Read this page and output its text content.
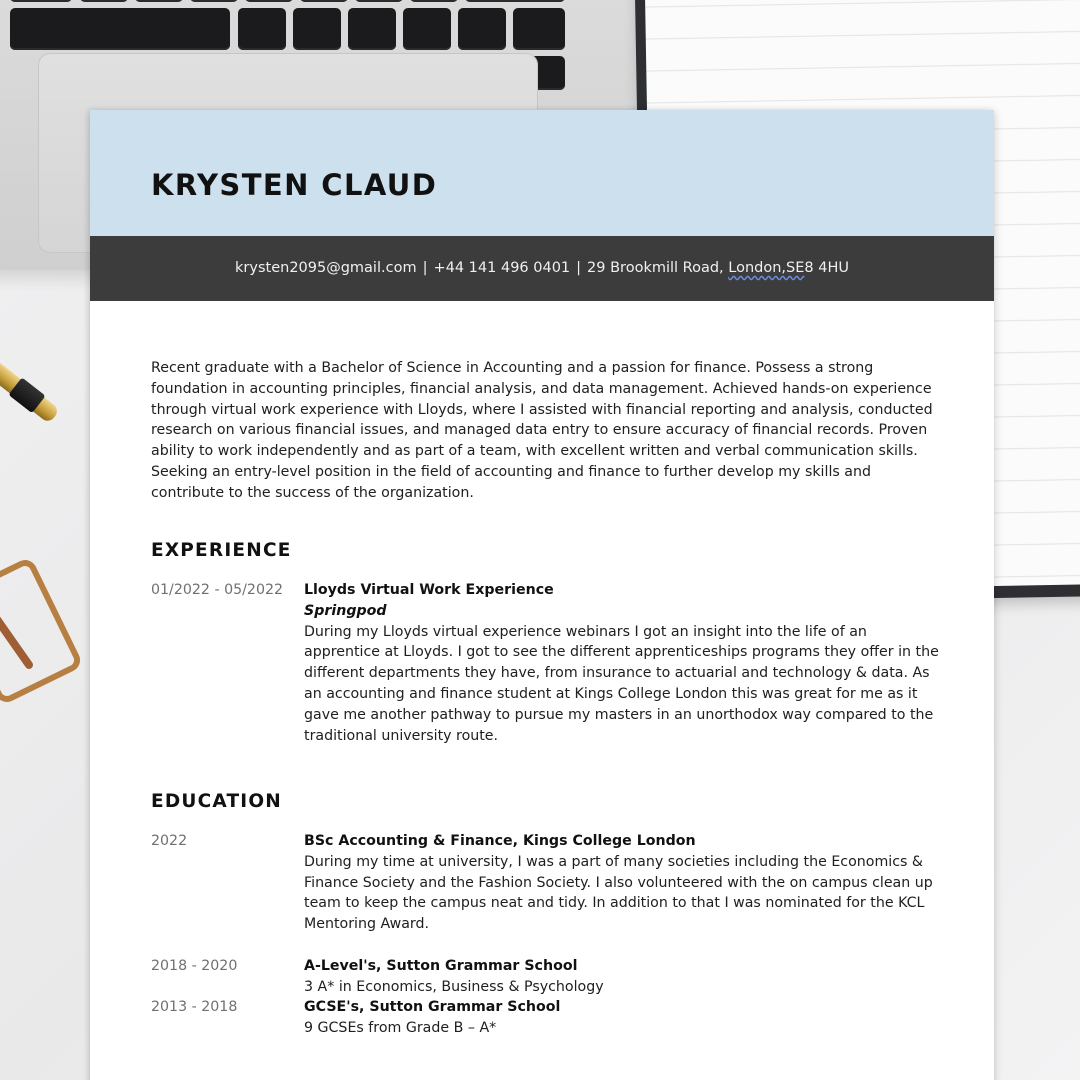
KRYSTEN CLAUD
krysten2095@gmail.com | +44 141 496 0401 | 29 Brookmill Road, London,SE8 4HU

Recent graduate with a Bachelor of Science in Accounting and a passion for finance. Possess a strong foundation in accounting principles, financial analysis, and data management. Achieved hands-on experience through virtual work experience with Lloyds, where I assisted with financial reporting and analysis, conducted research on various financial issues, and managed data entry to ensure accuracy of financial records. Proven ability to work independently and as part of a team, with excellent written and verbal communication skills. Seeking an entry-level position in the field of accounting and finance to further develop my skills and contribute to the success of the organization.

EXPERIENCE
01/2022 - 05/2022	Lloyds Virtual Work Experience
Springpod

During my Lloyds virtual experience webinars I got an insight into the life of an apprentice at Lloyds. I got to see the different apprenticeships programs they offer in the different departments they have, from insurance to actuarial and technology & data. As an accounting and finance student at Kings College London this was great for me as it gave me another pathway to pursue my masters in an unorthodox way compared to the traditional university route.

EDUCATION
2022	BSc Accounting & Finance, Kings College London

During my time at university, I was a part of many societies including the Economics & Finance Society and the Fashion Society. I also volunteered with the on campus clean up team to keep the campus neat and tidy. In addition to that I was nominated for the KCL Mentoring Award.

2018 - 2020	A-Level's, Sutton Grammar School

3 A* in Economics, Business & Psychology

2013 - 2018	GCSE's, Sutton Grammar School

9 GCSEs from Grade B – A*
